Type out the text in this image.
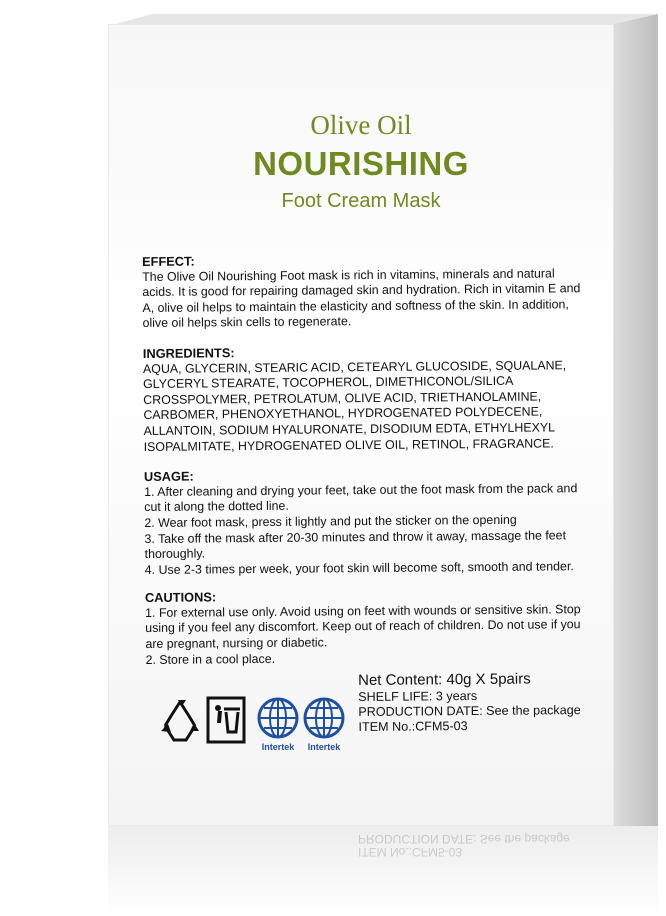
Olive Oil
NOURISHING
Foot Cream Mask

EFFECT:

The Olive Oil Nourishing Foot mask is rich in vitamins, minerals and natural acids. It is good for repairing damaged skin and hydration. Rich in vitamin E and A, olive oil helps to maintain the elasticity and softness of the skin. In addition, olive oil helps skin cells to regenerate.

INGREDIENTS:

AQUA, GLYCERIN, STEARIC ACID, CETEARYL GLUCOSIDE, SQUALANE, GLYCERYL STEARATE, TOCOPHEROL, DIMETHICONOL/SILICA CROSSPOLYMER, PETROLATUM, OLIVE ACID, TRIETHANOLAMINE, CARBOMER, PHENOXYETHANOL, HYDROGENATED POLYDECENE, ALLANTOIN, SODIUM HYALURONATE, DISODIUM EDTA, ETHYLHEXYL ISOPALMITATE, HYDROGENATED OLIVE OIL, RETINOL, FRAGRANCE.

USAGE:

1. After cleaning and drying your feet, take out the foot mask from the pack and cut it along the dotted line.
2. Wear foot mask, press it lightly and put the sticker on the opening
3. Take off the mask after 20-30 minutes and throw it away, massage the feet thoroughly.
4. Use 2-3 times per week, your foot skin will become soft, smooth and tender.

CAUTIONS:

1. For external use only. Avoid using on feet with wounds or sensitive skin. Stop using if you feel any discomfort. Keep out of reach of children. Do not use if you are pregnant, nursing or diabetic.
2. Store in a cool place.
Intertek Intertek
Net Content: 40g X 5pairs
SHELF LIFE: 3 years
PRODUCTION DATE: See the package
ITEM No.:CFM5-03
ITEM No.:CFM5-03
PRODUCTION DATE: See the package
